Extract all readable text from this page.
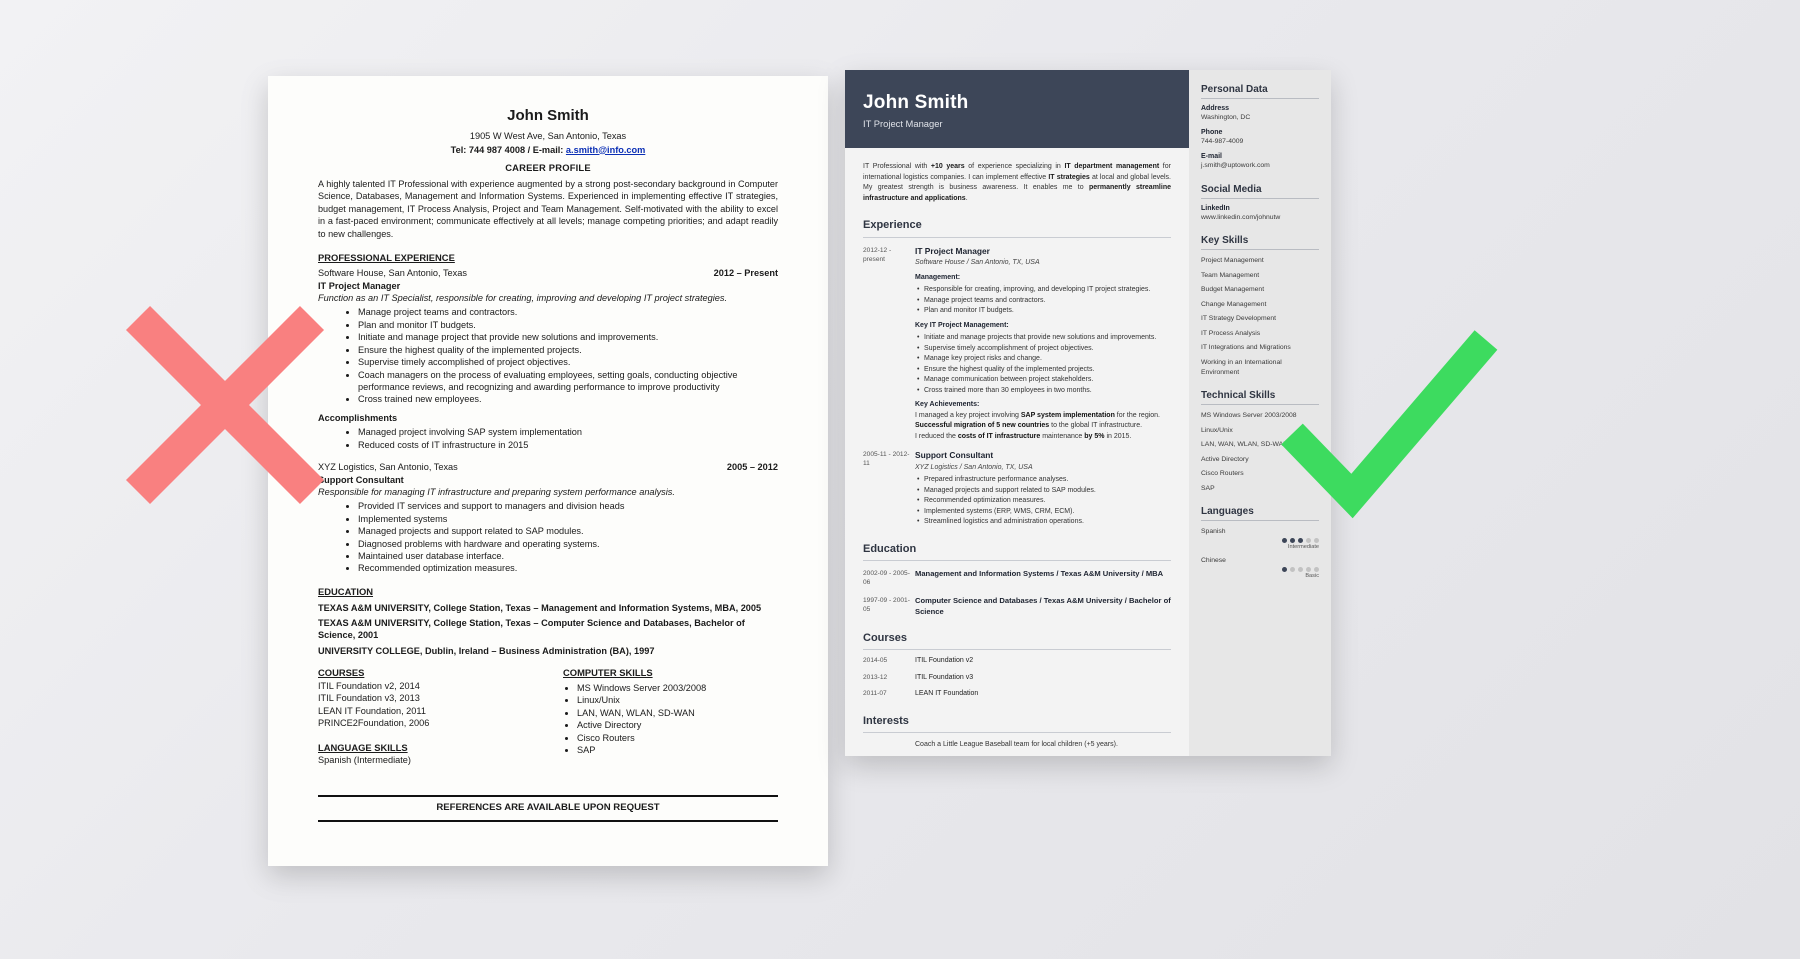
John Smith
1905 W West Ave, San Antonio, Texas
Tel: 744 987 4008 / E-mail: a.smith@info.com
CAREER PROFILE
A highly talented IT Professional with experience augmented by a strong post-secondary background in Computer Science, Databases, Management and Information Systems. Experienced in implementing effective IT strategies, budget management, IT Process Analysis, Project and Team Management. Self-motivated with the ability to excel in a fast-paced environment; communicate effectively at all levels; manage competing priorities; and adapt readily to new challenges.
PROFESSIONAL EXPERIENCE
Software House, San Antonio, Texas	2012 – Present
IT Project Manager
Function as an IT Specialist, responsible for creating, improving and developing IT project strategies.
• Manage project teams and contractors.
• Plan and monitor IT budgets.
• Initiate and manage project that provide new solutions and improvements.
• Ensure the highest quality of the implemented projects.
• Supervise timely accomplished of project objectives.
• Coach managers on the process of evaluating employees, setting goals, conducting objective performance reviews, and recognizing and awarding performance to improve productivity
• Cross trained new employees.
Accomplishments
• Managed project involving SAP system implementation
• Reduced costs of IT infrastructure in 2015
XYZ Logistics, San Antonio, Texas	2005 – 2012
Support Consultant
Responsible for managing IT infrastructure and preparing system performance analysis.
• Provided IT services and support to managers and division heads
• Implemented systems
• Managed projects and support related to SAP modules.
• Diagnosed problems with hardware and operating systems.
• Maintained user database interface.
• Recommended optimization measures.
EDUCATION
TEXAS A&M UNIVERSITY, College Station, Texas – Management and Information Systems, MBA, 2005
TEXAS A&M UNIVERSITY, College Station, Texas – Computer Science and Databases, Bachelor of Science, 2001
UNIVERSITY COLLEGE, Dublin, Ireland – Business Administration (BA), 1997
COURSES
ITIL Foundation v2, 2014
ITIL Foundation v3, 2013
LEAN IT Foundation, 2011
PRINCE2Foundation, 2006
LANGUAGE SKILLS
Spanish (Intermediate)
COMPUTER SKILLS
• MS Windows Server 2003/2008
• Linux/Unix
• LAN, WAN, WLAN, SD-WAN
• Active Directory
• Cisco Routers
• SAP
REFERENCES ARE AVAILABLE UPON REQUEST
John Smith
IT Project Manager
IT Professional with +10 years of experience specializing in IT department management for international logistics companies. I can implement effective IT strategies at local and global levels. My greatest strength is business awareness. It enables me to permanently streamline infrastructure and applications.
Experience
2012-12 - present
IT Project Manager
Software House / San Antonio, TX, USA
Management:
• Responsible for creating, improving, and developing IT project strategies.
• Manage project teams and contractors.
• Plan and monitor IT budgets.
Key IT Project Management:
• Initiate and manage projects that provide new solutions and improvements.
• Supervise timely accomplishment of project objectives.
• Manage key project risks and change.
• Ensure the highest quality of the implemented projects.
• Manage communication between project stakeholders.
• Cross trained more than 30 employees in two months.
Key Achievements:
I managed a key project involving SAP system implementation for the region.
Successful migration of 5 new countries to the global IT infrastructure.
I reduced the costs of IT infrastructure maintenance by 5% in 2015.
2005-11 - 2012-11
Support Consultant
XYZ Logistics / San Antonio, TX, USA
• Prepared infrastructure performance analyses.
• Managed projects and support related to SAP modules.
• Recommended optimization measures.
• Implemented systems (ERP, WMS, CRM, ECM).
• Streamlined logistics and administration operations.
Education
2002-09 - 2005-06
Management and Information Systems / Texas A&M University / MBA
1997-09 - 2001-05
Computer Science and Databases / Texas A&M University / Bachelor of Science
Courses
2014-05	ITIL Foundation v2
2013-12	ITIL Foundation v3
2011-07	LEAN IT Foundation
Interests
Coach a Little League Baseball team for local children (+5 years).
Personal Data
Address
Washington, DC
Phone
744-987-4009
E-mail
j.smith@uptowork.com
Social Media
LinkedIn
www.linkedin.com/johnutw
Key Skills
Project Management
Team Management
Budget Management
Change Management
IT Strategy Development
IT Process Analysis
IT Integrations and Migrations
Working in an International Environment
Technical Skills
MS Windows Server 2003/2008
Linux/Unix
LAN, WAN, WLAN, SD-WAN
Active Directory
Cisco Routers
SAP
Languages
Spanish
Intermediate
Chinese
Basic
